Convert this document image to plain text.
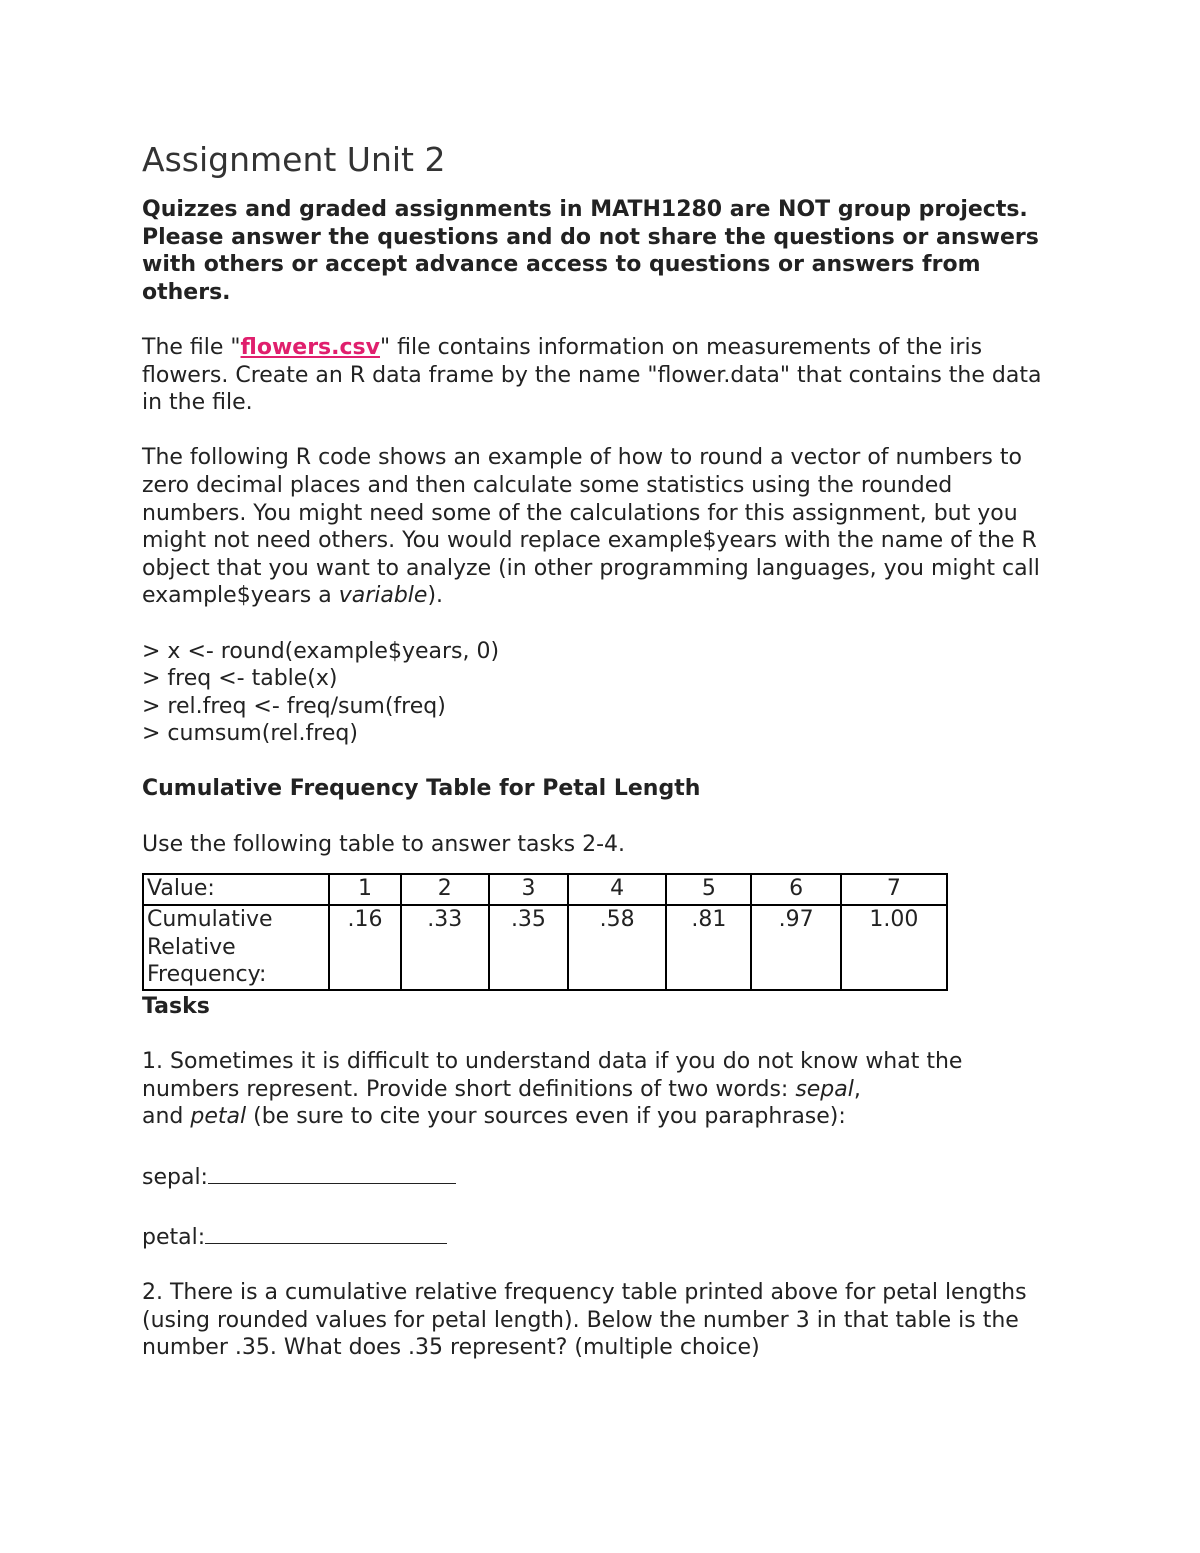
Assignment Unit 2

Quizzes and graded assignments in MATH1280 are NOT group projects. Please answer the questions and do not share the questions or answers with others or accept advance access to questions or answers from others.

The file "flowers.csv" file contains information on measurements of the iris flowers. Create an R data frame by the name "flower.data" that contains the data in the file.

The following R code shows an example of how to round a vector of numbers to zero decimal places and then calculate some statistics using the rounded numbers. You might need some of the calculations for this assignment, but you might not need others. You would replace example$years with the name of the R object that you want to analyze (in other programming languages, you might call example$years a variable).

> x <- round(example$years, 0)
> freq <- table(x)
> rel.freq <- freq/sum(freq)
> cumsum(rel.freq)

Cumulative Frequency Table for Petal Length

Use the following table to answer tasks 2-4.

Value:	1	2	3	4	5	6	7
Cumulative Relative Frequency:	.16	.33	.35	.58	.81	.97	1.00

Tasks

1. Sometimes it is difficult to understand data if you do not know what the numbers represent. Provide short definitions of two words: sepal,
and petal (be sure to cite your sources even if you paraphrase):

sepal:

petal:

2. There is a cumulative relative frequency table printed above for petal lengths (using rounded values for petal length). Below the number 3 in that table is the number .35. What does .35 represent? (multiple choice)
